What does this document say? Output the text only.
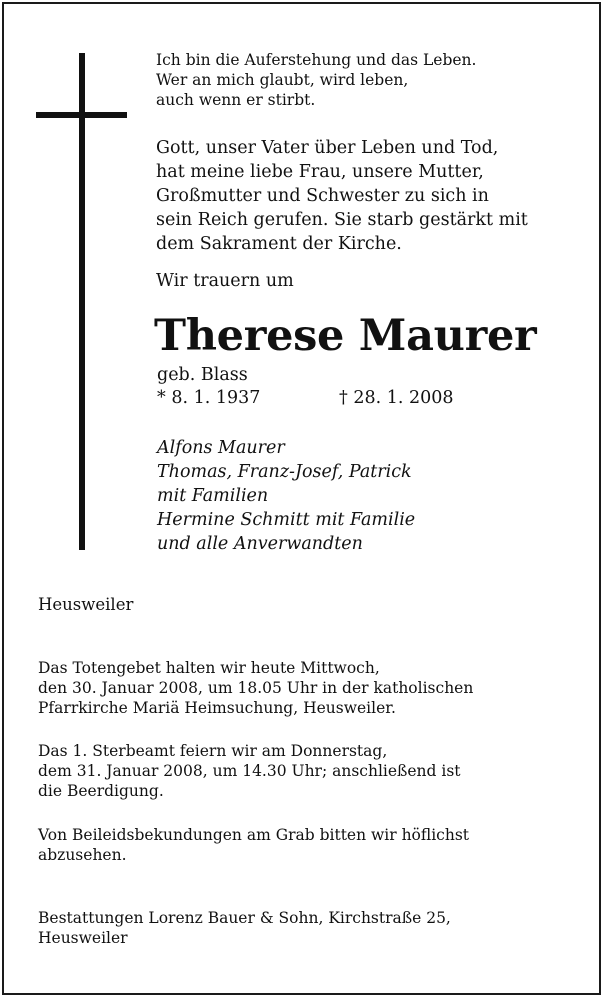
Ich bin die Auferstehung und das Leben.
Wer an mich glaubt, wird leben,
auch wenn er stirbt.

Gott, unser Vater über Leben und Tod,
hat meine liebe Frau, unsere Mutter,
Großmutter und Schwester zu sich in
sein Reich gerufen. Sie starb gestärkt mit
dem Sakrament der Kirche.

Wir trauern um

Therese Maurer

geb. Blass

* 8. 1. 1937	† 28. 1. 2008

Alfons Maurer
Thomas, Franz-Josef, Patrick
mit Familien
Hermine Schmitt mit Familie
und alle Anverwandten

Heusweiler

Das Totengebet halten wir heute Mittwoch,
den 30. Januar 2008, um 18.05 Uhr in der katholischen
Pfarrkirche Mariä Heimsuchung, Heusweiler.

Das 1. Sterbeamt feiern wir am Donnerstag,
dem 31. Januar 2008, um 14.30 Uhr; anschließend ist
die Beerdigung.

Von Beileidsbekundungen am Grab bitten wir höflichst
abzusehen.

Bestattungen Lorenz Bauer & Sohn, Kirchstraße 25,
Heusweiler
